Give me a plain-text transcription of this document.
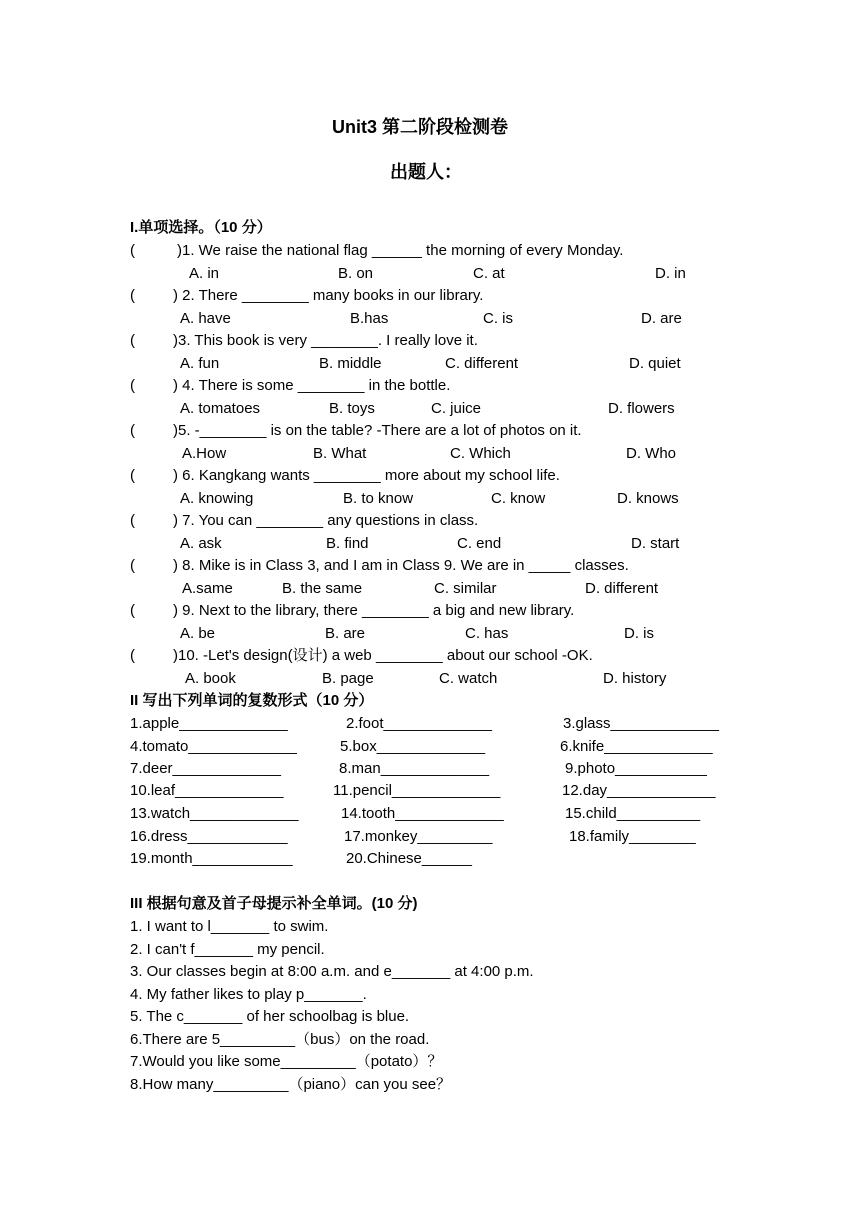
Unit3 第二阶段检测卷
出题人：
I.单项选择。（10 分）
(	)1. We raise the national flag ______ the morning of every Monday.
A. in	B. on	C. at	D. in
(	) 2. There ________ many books in our library.
A. have	B.has	C. is	D. are
(	)3. This book is very ________. I really love it.
A. fun	B. middle	C. different	D. quiet
(	) 4. There is some ________ in the bottle.
A. tomatoes	B. toys	C. juice	D. flowers
(	)5. -________ is on the table? -There are a lot of photos on it.
A.How	B. What	C. Which	D. Who
(	) 6. Kangkang wants ________ more about my school life.
A. knowing	B. to know	C. know	D. knows
(	) 7. You can ________ any questions in class.
A. ask	B. find	C. end	D. start
(	) 8. Mike is in Class 3, and I am in Class 9. We are in _____ classes.
A.same	B. the same	C. similar	D. different
(	) 9. Next to the library, there ________ a big and new library.
A. be	B. are	C. has	D. is
(	)10. -Let's design(设计) a web ________ about our school -OK.
A. book	B. page	C. watch	D. history
II 写出下列单词的复数形式（10 分）
1.apple_____________	2.foot_____________	3.glass_____________
4.tomato_____________	5.box_____________	6.knife_____________
7.deer_____________	8.man_____________	9.photo___________
10.leaf_____________	11.pencil_____________	12.day_____________
13.watch_____________	14.tooth_____________	15.child__________
16.dress____________	17.monkey_________	18.family________
19.month____________	20.Chinese______
III 根据句意及首子母提示补全单词。(10 分)
1. I want to l_______ to swim.
2. I can't f_______ my pencil.
3. Our classes begin at 8:00 a.m. and e_______ at 4:00 p.m.
4. My father likes to play p_______.
5. The c_______ of her schoolbag is blue.
6.There are 5_________（bus）on the road.
7.Would you like some_________（potato）？
8.How many_________（piano）can you see？
